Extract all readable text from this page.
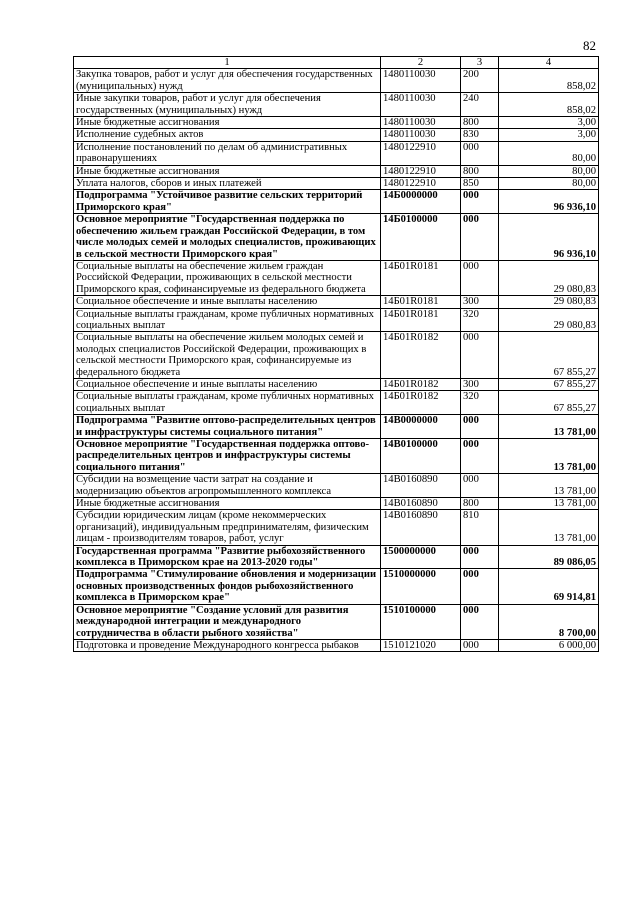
82
1	2	3	4
Закупка товаров, работ и услуг для обеспечения государственных (муниципальных) нужд	1480110030	200	858,02
Иные закупки товаров, работ и услуг для обеспечения государственных (муниципальных) нужд	1480110030	240	858,02
Иные бюджетные ассигнования	1480110030	800	3,00
Исполнение судебных актов	1480110030	830	3,00
Исполнение постановлений по делам об административных правонарушениях	1480122910	000	80,00
Иные бюджетные ассигнования	1480122910	800	80,00
Уплата налогов, сборов и иных платежей	1480122910	850	80,00
Подпрограмма "Устойчивое развитие сельских территорий Приморского края"	14Б0000000	000	96 936,10
Основное мероприятие "Государственная поддержка по обеспечению жильем граждан Российской Федерации, в том числе молодых семей и молодых специалистов, проживающих в сельской местности Приморского края"	14Б0100000	000	96 936,10
Социальные выплаты на обеспечение жильем граждан Российской Федерации, проживающих в сельской местности Приморского края, софинансируемые из федерального бюджета	14Б01R0181	000	29 080,83
Социальное обеспечение и иные выплаты населению	14Б01R0181	300	29 080,83
Социальные выплаты гражданам, кроме публичных нормативных социальных выплат	14Б01R0181	320	29 080,83
Социальные выплаты на обеспечение жильем молодых семей и молодых специалистов Российской Федерации, проживающих в сельской местности Приморского края, софинансируемые из федерального бюджета	14Б01R0182	000	67 855,27
Социальное обеспечение и иные выплаты населению	14Б01R0182	300	67 855,27
Социальные выплаты гражданам, кроме публичных нормативных социальных выплат	14Б01R0182	320	67 855,27
Подпрограмма "Развитие оптово-распределительных центров и инфраструктуры системы социального питания"	14В0000000	000	13 781,00
Основное мероприятие "Государственная поддержка оптово-распределительных центров и инфраструктуры системы социального питания"	14В0100000	000	13 781,00
Субсидии на возмещение части затрат на создание и модернизацию объектов агропромышленного комплекса	14В0160890	000	13 781,00
Иные бюджетные ассигнования	14В0160890	800	13 781,00
Субсидии юридическим лицам (кроме некоммерческих организаций), индивидуальным предпринимателям, физическим лицам - производителям товаров, работ, услуг	14В0160890	810	13 781,00
Государственная программа "Развитие рыбохозяйственного комплекса в Приморском крае на 2013-2020 годы"	1500000000	000	89 086,05
Подпрограмма "Стимулирование обновления и модернизации основных производственных фондов рыбохозяйственного комплекса в Приморском крае"	1510000000	000	69 914,81
Основное мероприятие "Создание условий для развития международной интеграции и международного сотрудничества в области рыбного хозяйства"	1510100000	000	8 700,00
Подготовка и проведение Международного конгресса рыбаков	1510121020	000	6 000,00
